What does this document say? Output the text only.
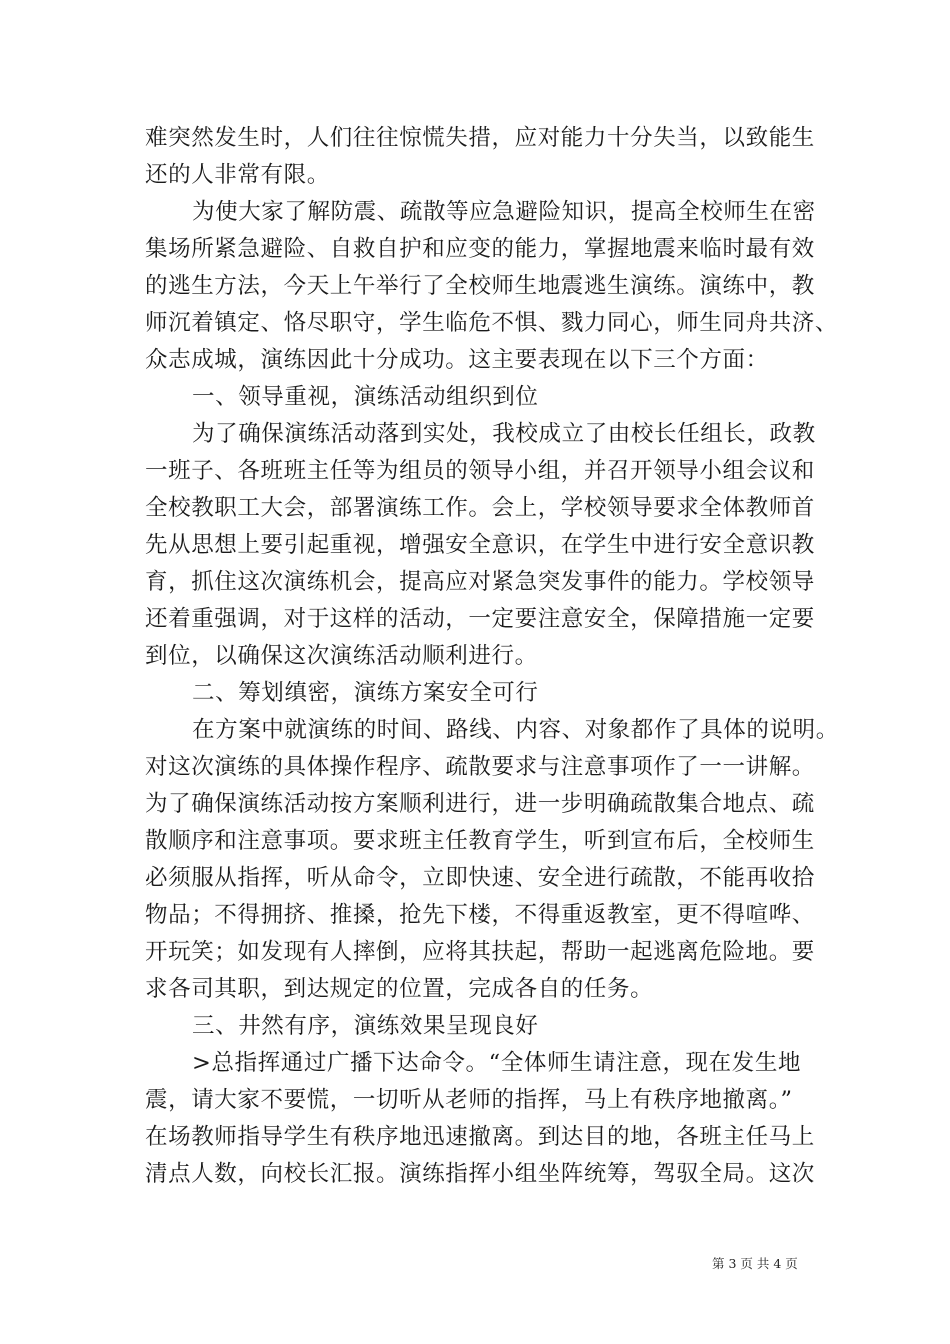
难突然发生时，人们往往惊慌失措，应对能力十分失当，以致能生
还的人非常有限。
为使大家了解防震、疏散等应急避险知识，提高全校师生在密
集场所紧急避险、自救自护和应变的能力，掌握地震来临时最有效
的逃生方法，今天上午举行了全校师生地震逃生演练。演练中，教
师沉着镇定、恪尽职守，学生临危不惧、戮力同心，师生同舟共济、
众志成城，演练因此十分成功。这主要表现在以下三个方面：
一、领导重视，演练活动组织到位
为了确保演练活动落到实处，我校成立了由校长任组长，政教
一班子、各班班主任等为组员的领导小组，并召开领导小组会议和
全校教职工大会，部署演练工作。会上，学校领导要求全体教师首
先从思想上要引起重视，增强安全意识，在学生中进行安全意识教
育，抓住这次演练机会，提高应对紧急突发事件的能力。学校领导
还着重强调，对于这样的活动，一定要注意安全，保障措施一定要
到位，以确保这次演练活动顺利进行。
二、筹划缜密，演练方案安全可行
在方案中就演练的时间、路线、内容、对象都作了具体的说明。
对这次演练的具体操作程序、疏散要求与注意事项作了一一讲解。
为了确保演练活动按方案顺利进行，进一步明确疏散集合地点、疏
散顺序和注意事项。要求班主任教育学生，听到宣布后，全校师生
必须服从指挥，听从命令，立即快速、安全进行疏散，不能再收拾
物品；不得拥挤、推搡，抢先下楼，不得重返教室，更不得喧哗、
开玩笑；如发现有人摔倒，应将其扶起，帮助一起逃离危险地。要
求各司其职，到达规定的位置，完成各自的任务。
三、井然有序，演练效果呈现良好
>总指挥通过广播下达命令。“全体师生请注意，现在发生地
震，请大家不要慌，一切听从老师的指挥，马上有秩序地撤离。”
在场教师指导学生有秩序地迅速撤离。到达目的地，各班主任马上
清点人数，向校长汇报。演练指挥小组坐阵统筹，驾驭全局。这次
第 3 页 共 4 页
